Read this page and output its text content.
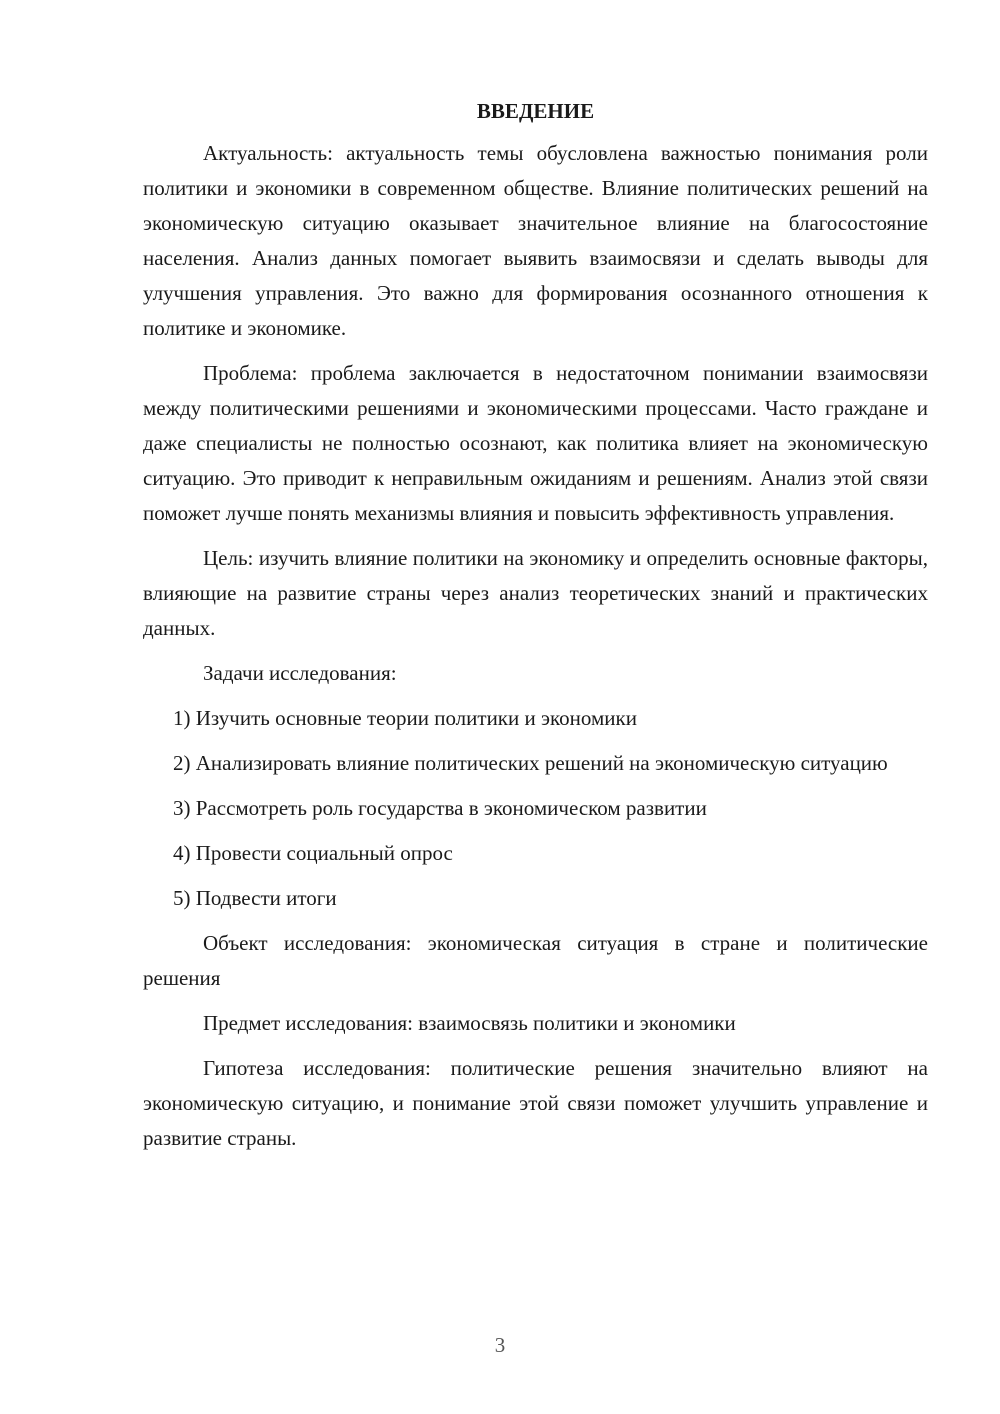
ВВЕДЕНИЕ

Актуальность: актуальность темы обусловлена важностью понимания роли политики и экономики в современном обществе. Влияние политических решений на экономическую ситуацию оказывает значительное влияние на благосостояние населения. Анализ данных помогает выявить взаимосвязи и сделать выводы для улучшения управления. Это важно для формирования осознанного отношения к политике и экономике.

Проблема: проблема заключается в недостаточном понимании взаимосвязи между политическими решениями и экономическими процессами. Часто граждане и даже специалисты не полностью осознают, как политика влияет на экономическую ситуацию. Это приводит к неправильным ожиданиям и решениям. Анализ этой связи поможет лучше понять механизмы влияния и повысить эффективность управления.

Цель: изучить влияние политики на экономику и определить основные факторы, влияющие на развитие страны через анализ теоретических знаний и практических данных.

Задачи исследования:

1) Изучить основные теории политики и экономики

2) Анализировать влияние политических решений на экономическую ситуацию

3) Рассмотреть роль государства в экономическом развитии

4) Провести социальный опрос

5) Подвести итоги

Объект исследования: экономическая ситуация в стране и политические решения

Предмет исследования: взаимосвязь политики и экономики

Гипотеза исследования: политические решения значительно влияют на экономическую ситуацию, и понимание этой связи поможет улучшить управление и развитие страны.

3
